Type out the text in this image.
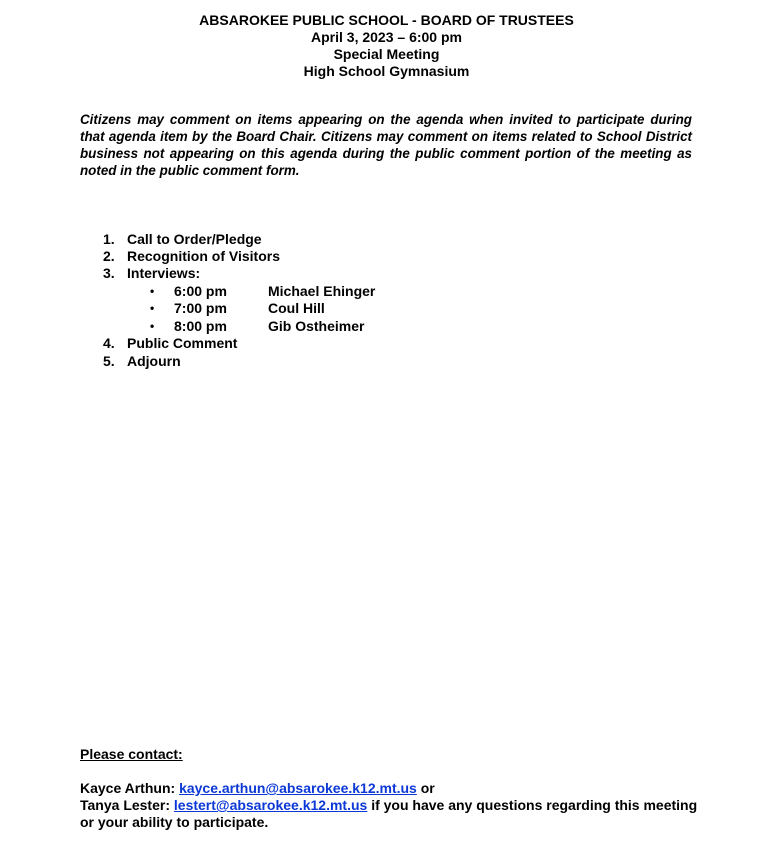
ABSAROKEE PUBLIC SCHOOL - BOARD OF TRUSTEES
April 3, 2023 – 6:00 pm
Special Meeting
High School Gymnasium
Citizens may comment on items appearing on the agenda when invited to participate during that agenda item by the Board Chair. Citizens may comment on items related to School District business not appearing on this agenda during the public comment portion of the meeting as noted in the public comment form.
1. Call to Order/Pledge
2. Recognition of Visitors
3. Interviews:
• 6:00 pm	Michael Ehinger
• 7:00 pm	Coul Hill
• 8:00 pm	Gib Ostheimer
4. Public Comment
5. Adjourn
Please contact:
Kayce Arthun: kayce.arthun@absarokee.k12.mt.us or
Tanya Lester: lestert@absarokee.k12.mt.us if you have any questions regarding this meeting or your ability to participate.
